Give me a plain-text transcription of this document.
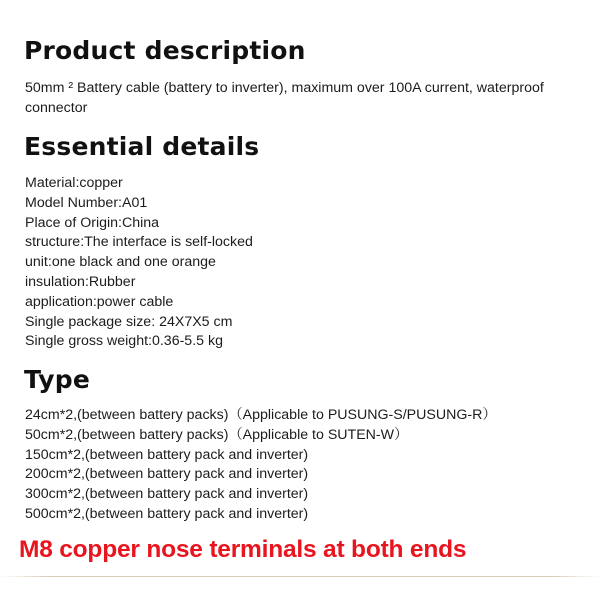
Product description

50mm ² Battery cable (battery to inverter), maximum over 100A current, waterproof connector

Essential details
Material:copper
Model Number:A01
Place of Origin:China
structure:The interface is self-locked
unit:one black and one orange
insulation:Rubber
application:power cable
Single package size: 24X7X5 cm
Single gross weight:0.36-5.5 kg
Type
24cm*2,(between battery packs)（Applicable to PUSUNG-S/PUSUNG-R）
50cm*2,(between battery packs)（Applicable to SUTEN-W）
150cm*2,(between battery pack and inverter)
200cm*2,(between battery pack and inverter)
300cm*2,(between battery pack and inverter)
500cm*2,(between battery pack and inverter)

M8 copper nose terminals at both ends
